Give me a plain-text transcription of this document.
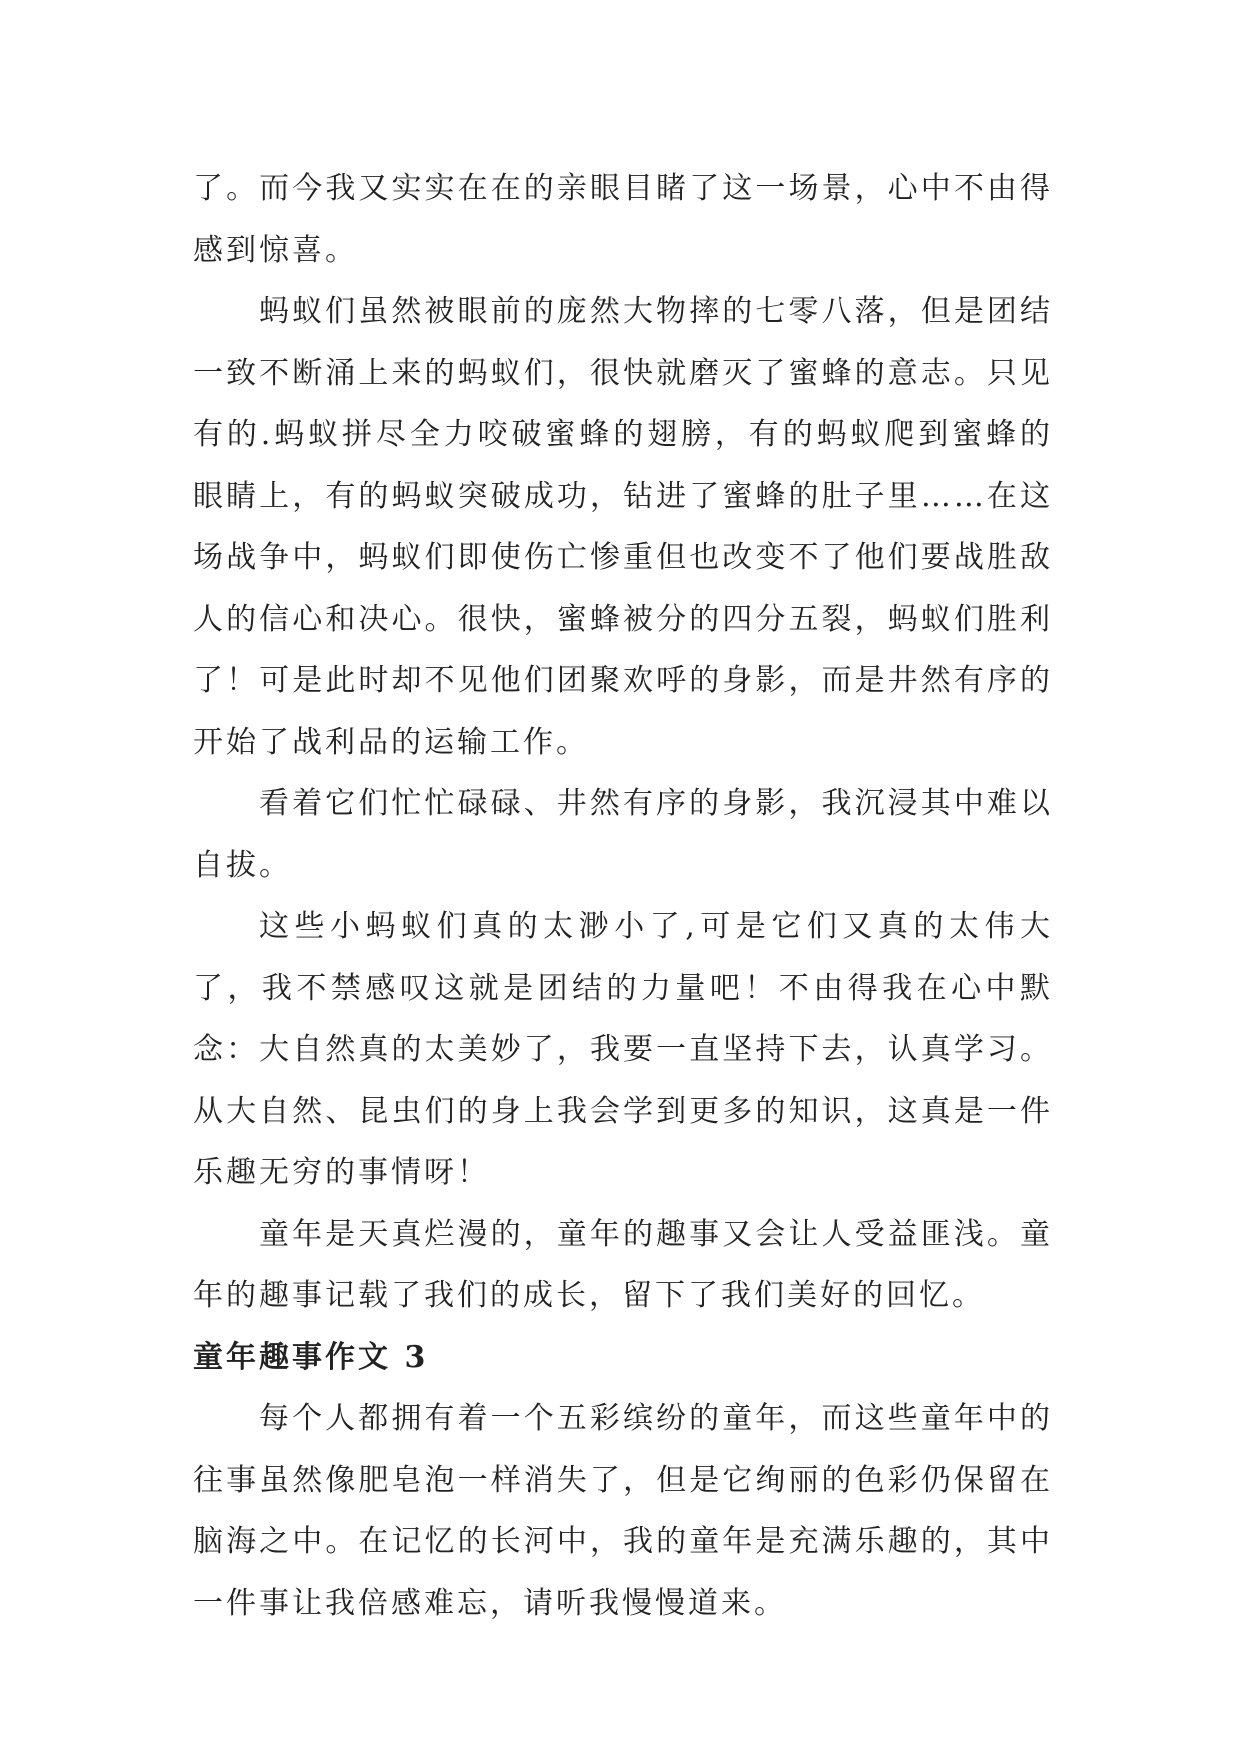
了。而今我又实实在在的亲眼目睹了这一场景，心中不由得感到惊喜。

蚂蚁们虽然被眼前的庞然大物摔的七零八落，但是团结一致不断涌上来的蚂蚁们，很快就磨灭了蜜蜂的意志。只见有的.蚂蚁拼尽全力咬破蜜蜂的翅膀，有的蚂蚁爬到蜜蜂的眼睛上，有的蚂蚁突破成功，钻进了蜜蜂的肚子里……在这场战争中，蚂蚁们即使伤亡惨重但也改变不了他们要战胜敌人的信心和决心。很快，蜜蜂被分的四分五裂，蚂蚁们胜利了！可是此时却不见他们团聚欢呼的身影，而是井然有序的开始了战利品的运输工作。

看着它们忙忙碌碌、井然有序的身影，我沉浸其中难以自拔。

这些小蚂蚁们真的太渺小了,可是它们又真的太伟大了，我不禁感叹这就是团结的力量吧！不由得我在心中默念：大自然真的太美妙了，我要一直坚持下去，认真学习。从大自然、昆虫们的身上我会学到更多的知识，这真是一件乐趣无穷的事情呀！

童年是天真烂漫的，童年的趣事又会让人受益匪浅。童年的趣事记载了我们的成长，留下了我们美好的回忆。

童年趣事作文 3

每个人都拥有着一个五彩缤纷的童年，而这些童年中的往事虽然像肥皂泡一样消失了，但是它绚丽的色彩仍保留在脑海之中。在记忆的长河中，我的童年是充满乐趣的，其中一件事让我倍感难忘，请听我慢慢道来。
